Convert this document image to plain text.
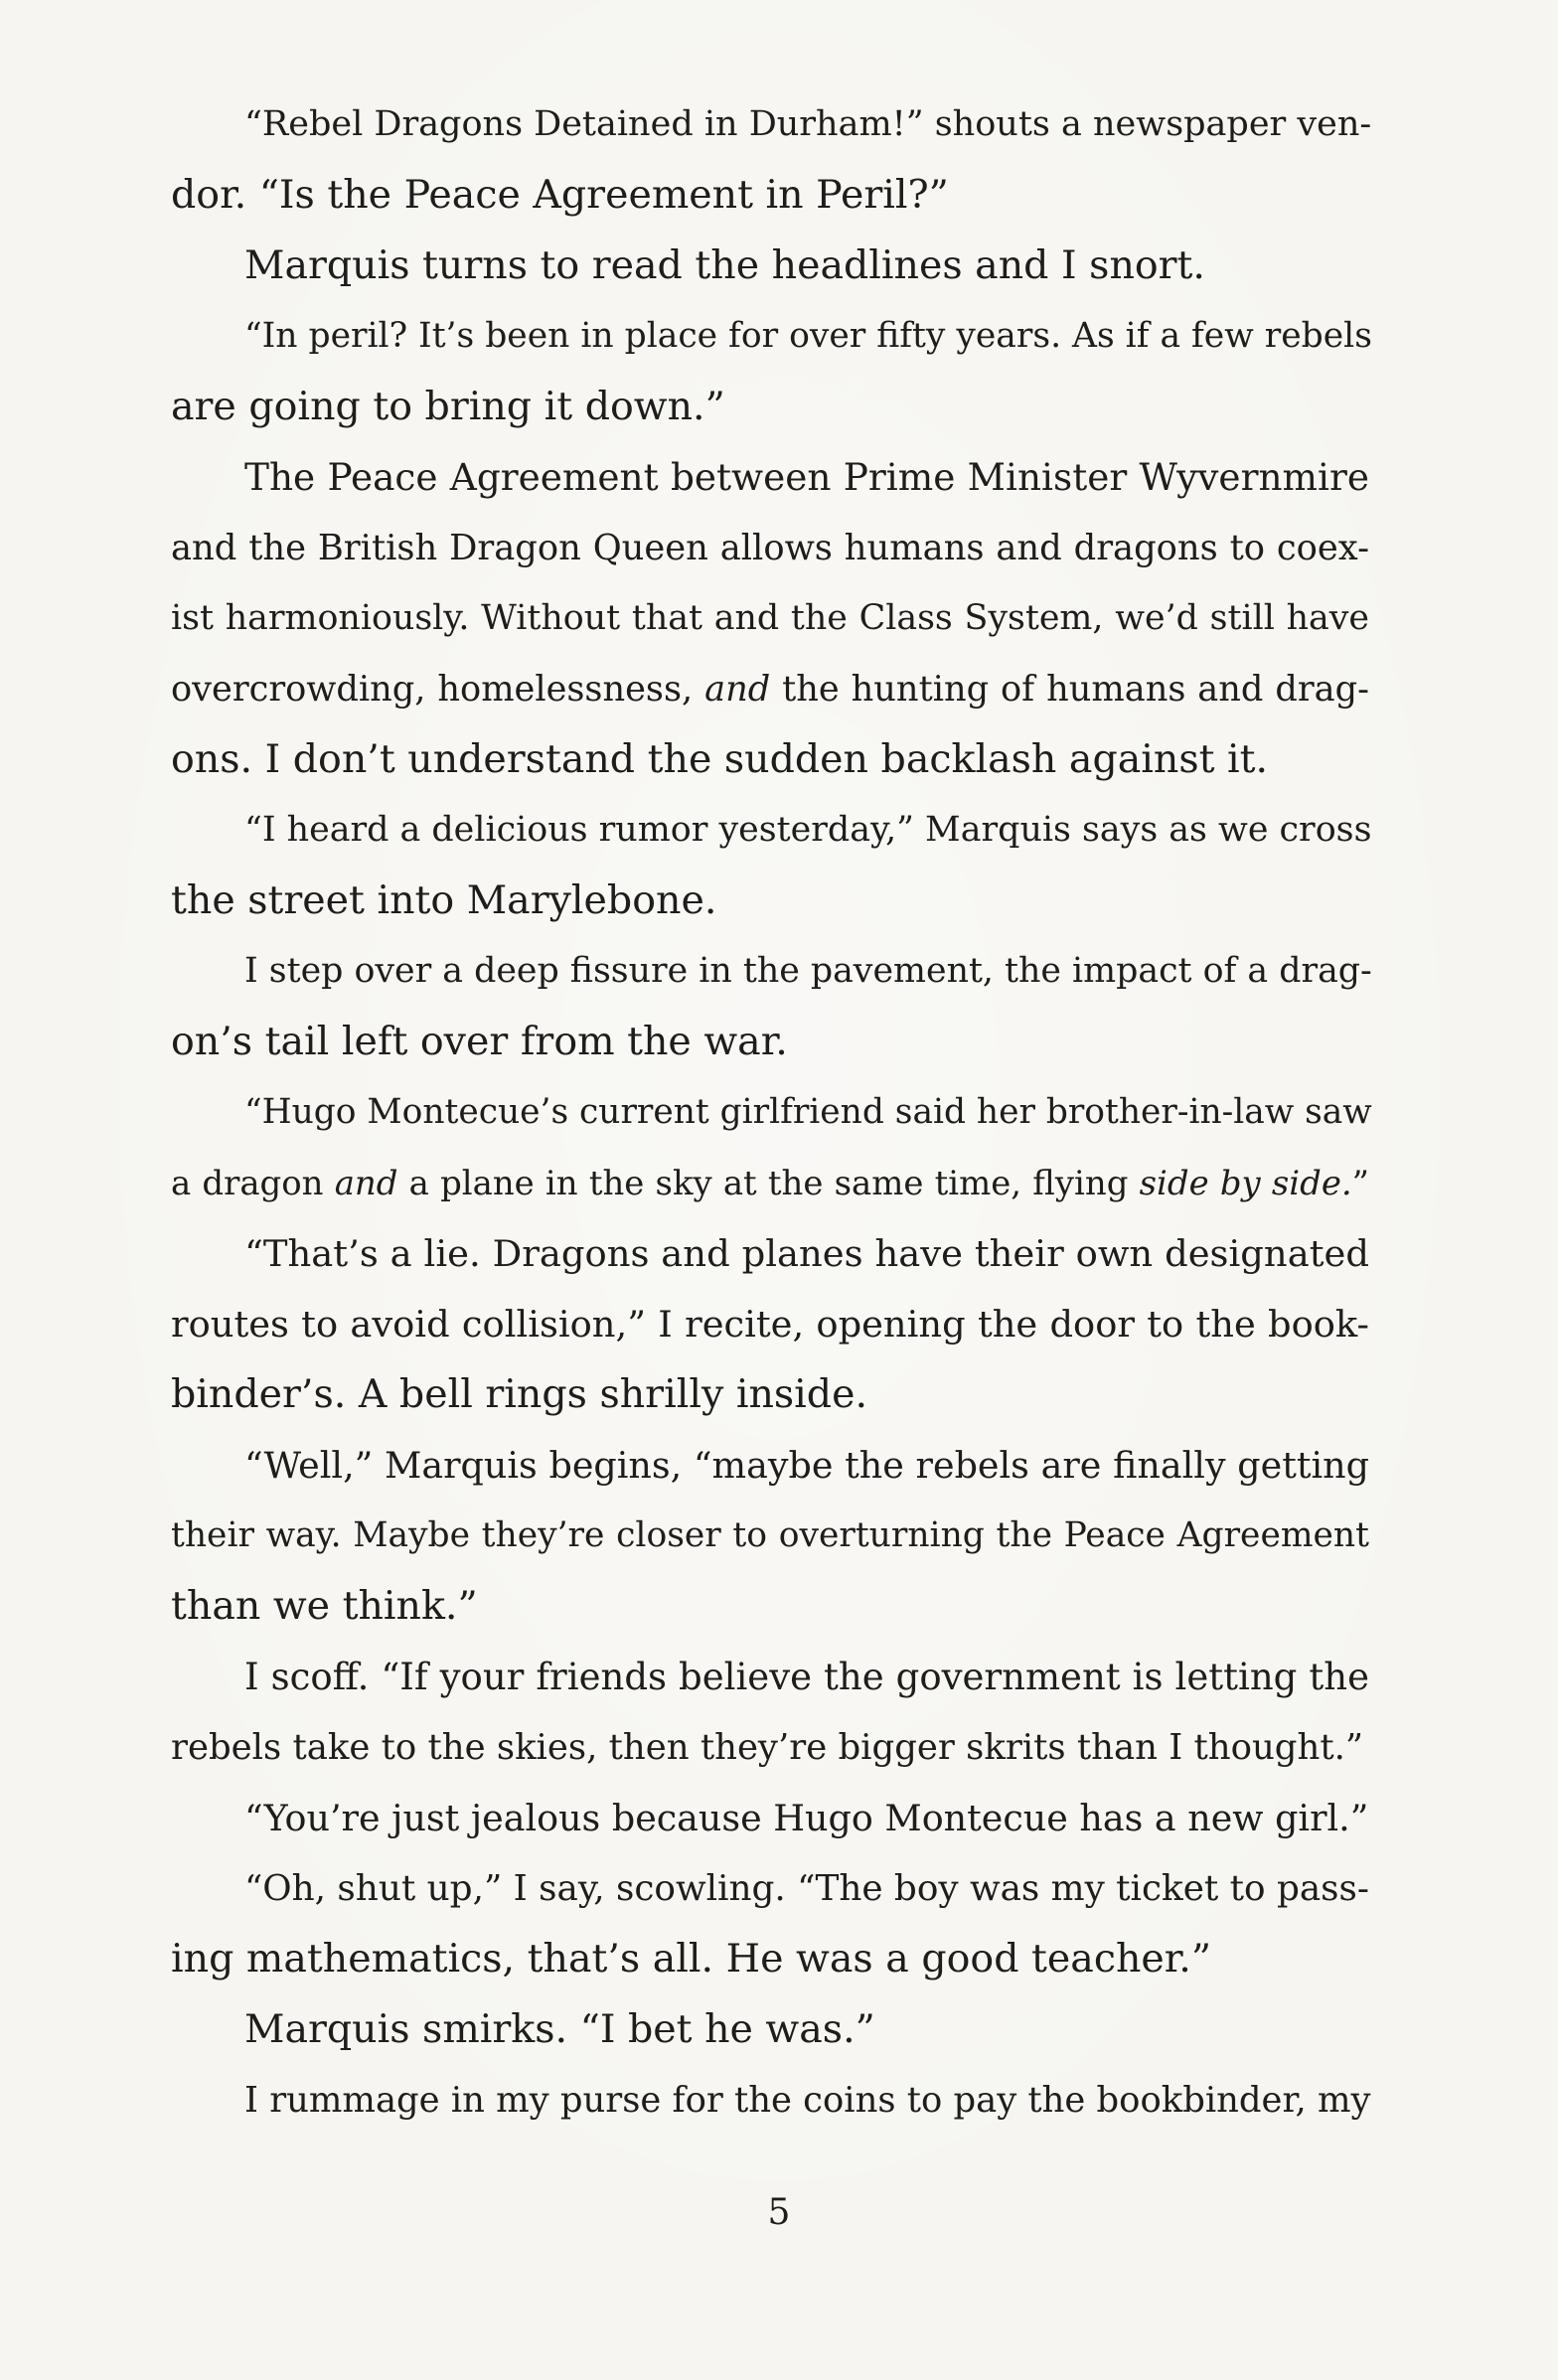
“Rebel Dragons Detained in Durham!” shouts a newspaper ven-
dor. “Is the Peace Agreement in Peril?”
Marquis turns to read the headlines and I snort.
“In peril? It’s been in place for over fifty years. As if a few rebels
are going to bring it down.”
The Peace Agreement between Prime Minister Wyvernmire
and the British Dragon Queen allows humans and dragons to coex-
ist harmoniously. Without that and the Class System, we’d still have
overcrowding, homelessness, and the hunting of humans and drag-
ons. I don’t understand the sudden backlash against it.
“I heard a delicious rumor yesterday,” Marquis says as we cross
the street into Marylebone.
I step over a deep fissure in the pavement, the impact of a drag-
on’s tail left over from the war.
“Hugo Montecue’s current girlfriend said her brother-in-law saw
a dragon and a plane in the sky at the same time, flying side by side.”
“That’s a lie. Dragons and planes have their own designated
routes to avoid collision,” I recite, opening the door to the book-
binder’s. A bell rings shrilly inside.
“Well,” Marquis begins, “maybe the rebels are finally getting
their way. Maybe they’re closer to overturning the Peace Agreement
than we think.”
I scoff. “If your friends believe the government is letting the
rebels take to the skies, then they’re bigger skrits than I thought.”
“You’re just jealous because Hugo Montecue has a new girl.”
“Oh, shut up,” I say, scowling. “The boy was my ticket to pass-
ing mathematics, that’s all. He was a good teacher.”
Marquis smirks. “I bet he was.”
I rummage in my purse for the coins to pay the bookbinder, my
5
